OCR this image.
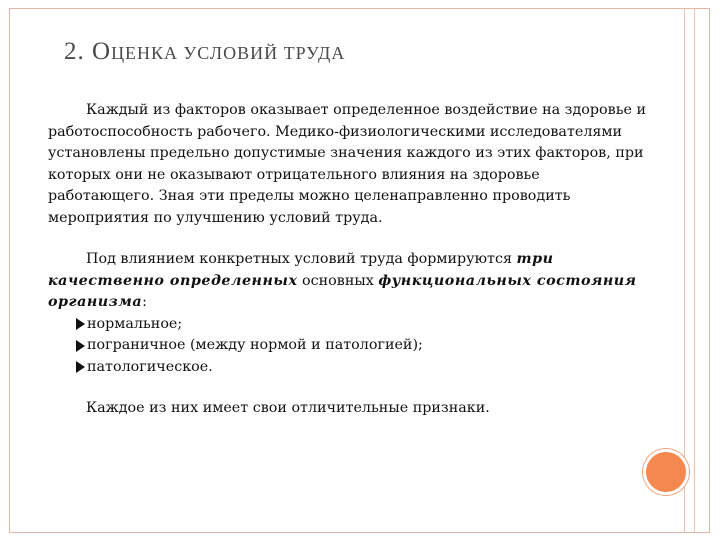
2. ОЦЕНКА УСЛОВИЙ ТРУДА

Каждый из факторов оказывает определенное воздействие на здоровье и работоспособность рабочего. Медико-физиологическими исследователями установлены предельно допустимые значения каждого из этих факторов, при которых они не оказывают отрицательного влияния на здоровье работающего. Зная эти пределы можно целенаправленно проводить мероприятия по улучшению условий труда.

Под влиянием конкретных условий труда формируются три качественно определенных основных функциональных состояния организма:

нормальное;
пограничное (между нормой и патологией);
патологическое.

Каждое из них имеет свои отличительные признаки.
